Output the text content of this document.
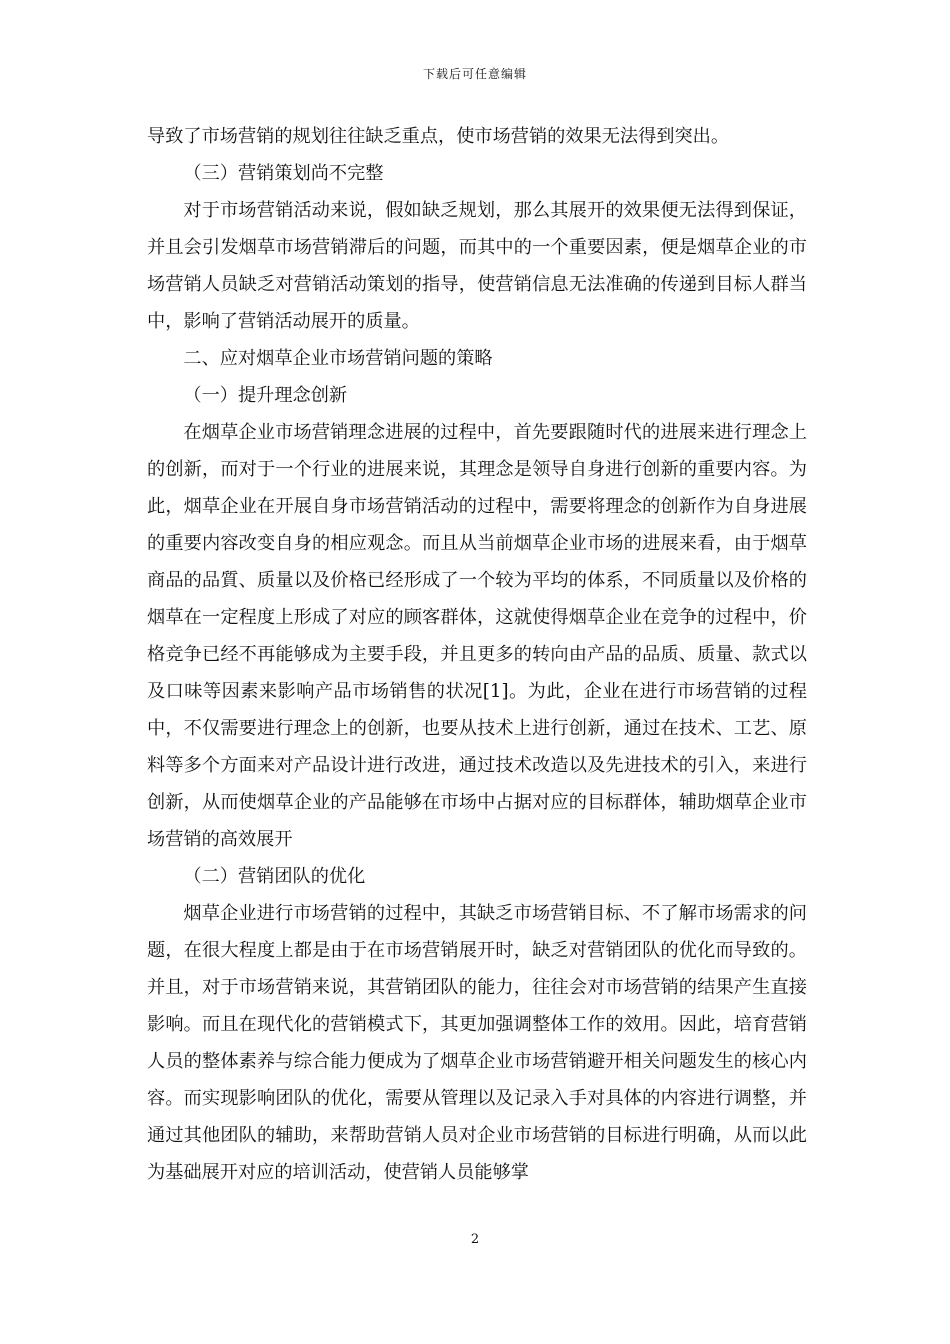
下载后可任意编辑

导致了市场营销的规划往往缺乏重点，使市场营销的效果无法得到突出。

（三）营销策划尚不完整

对于市场营销活动来说，假如缺乏规划，那么其展开的效果便无法得到保证，并且会引发烟草市场营销滞后的问题，而其中的一个重要因素，便是烟草企业的市场营销人员缺乏对营销活动策划的指导，使营销信息无法准确的传递到目标人群当中，影响了营销活动展开的质量。

二、应对烟草企业市场营销问题的策略

（一）提升理念创新

在烟草企业市场营销理念进展的过程中，首先要跟随时代的进展来进行理念上的创新，而对于一个行业的进展来说，其理念是领导自身进行创新的重要内容。为此，烟草企业在开展自身市场营销活动的过程中，需要将理念的创新作为自身进展的重要内容改变自身的相应观念。而且从当前烟草企业市场的进展来看，由于烟草商品的品質、质量以及价格已经形成了一个较为平均的体系，不同质量以及价格的烟草在一定程度上形成了对应的顾客群体，这就使得烟草企业在竞争的过程中，价格竞争已经不再能够成为主要手段，并且更多的转向由产品的品质、质量、款式以及口味等因素来影响产品市场销售的状况[1]。为此，企业在进行市场营销的过程中，不仅需要进行理念上的创新，也要从技术上进行创新，通过在技术、工艺、原料等多个方面来对产品设计进行改进，通过技术改造以及先进技术的引入，来进行创新，从而使烟草企业的产品能够在市场中占据对应的目标群体，辅助烟草企业市场营销的高效展开

（二）营销团队的优化

烟草企业进行市场营销的过程中，其缺乏市场营销目标、不了解市场需求的问题，在很大程度上都是由于在市场营销展开时，缺乏对营销团队的优化而导致的。并且，对于市场营销来说，其营销团队的能力，往往会对市场营销的结果产生直接影响。而且在现代化的营销模式下，其更加强调整体工作的效用。因此，培育营销人员的整体素养与综合能力便成为了烟草企业市场营销避开相关问题发生的核心内容。而实现影响团队的优化，需要从管理以及记录入手对具体的内容进行调整，并通过其他团队的辅助，来帮助营销人员对企业市场营销的目标进行明确，从而以此为基础展开对应的培训活动，使营销人员能够掌

2
